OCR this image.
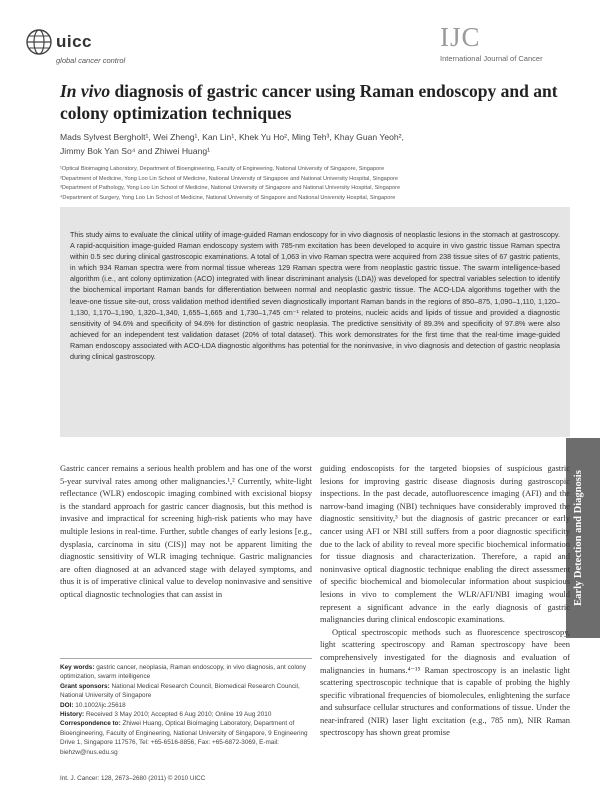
uicc
global cancer control
IJC
International Journal of Cancer
In vivo diagnosis of gastric cancer using Raman endoscopy and ant colony optimization techniques
Mads Sylvest Bergholt¹, Wei Zheng¹, Kan Lin¹, Khek Yu Ho², Ming Teh³, Khay Guan Yeoh²,
Jimmy Bok Yan So⁴ and Zhiwei Huang¹
¹Optical Bioimaging Laboratory, Department of Bioengineering, Faculty of Engineering, National University of Singapore, Singapore
²Department of Medicine, Yong Loo Lin School of Medicine, National University of Singapore and National University Hospital, Singapore
³Department of Pathology, Yong Loo Lin School of Medicine, National University of Singapore and National University Hospital, Singapore
⁴Department of Surgery, Yong Loo Lin School of Medicine, National University of Singapore and National University Hospital, Singapore

This study aims to evaluate the clinical utility of image-guided Raman endoscopy for in vivo diagnosis of neoplastic lesions in the stomach at gastroscopy. A rapid-acquisition image-guided Raman endoscopy system with 785-nm excitation has been developed to acquire in vivo gastric tissue Raman spectra within 0.5 sec during clinical gastroscopic examinations. A total of 1,063 in vivo Raman spectra were acquired from 238 tissue sites of 67 gastric patients, in which 934 Raman spectra were from normal tissue whereas 129 Raman spectra were from neoplastic gastric tissue. The swarm intelligence-based algorithm (i.e., ant colony optimization (ACO) integrated with linear discriminant analysis (LDA)) was developed for spectral variables selection to identify the biochemical important Raman bands for differentiation between normal and neoplastic gastric tissue. The ACO-LDA algorithms together with the leave-one tissue site-out, cross validation method identified seven diagnostically important Raman bands in the regions of 850–875, 1,090–1,110, 1,120–1,130, 1,170–1,190, 1,320–1,340, 1,655–1,665 and 1,730–1,745 cm⁻¹ related to proteins, nucleic acids and lipids of tissue and provided a diagnostic sensitivity of 94.6% and specificity of 94.6% for distinction of gastric neoplasia. The predictive sensitivity of 89.3% and specificity of 97.8% were also achieved for an independent test validation dataset (20% of total dataset). This work demonstrates for the first time that the real-time image-guided Raman endoscopy associated with ACO-LDA diagnostic algorithms has potential for the noninvasive, in vivo diagnosis and detection of gastric neoplasia during clinical gastroscopy.

Early Detection and Diagnosis

Gastric cancer remains a serious health problem and has one of the worst 5-year survival rates among other malignancies.¹,² Currently, white-light reflectance (WLR) endoscopic imaging combined with excisional biopsy is the standard approach for gastric cancer diagnosis, but this method is invasive and impractical for screening high-risk patients who may have multiple lesions in real-time. Further, subtle changes of early lesions [e.g., dysplasia, carcinoma in situ (CIS)] may not be apparent limiting the diagnostic sensitivity of WLR imaging technique. Gastric malignancies are often diagnosed at an advanced stage with delayed symptoms, and thus it is of imperative clinical value to develop noninvasive and sensitive optical diagnostic technologies that can assist in

guiding endoscopists for the targeted biopsies of suspicious gastric lesions for improving gastric disease diagnosis during gastroscopic inspections. In the past decade, autofluorescence imaging (AFI) and the narrow-band imaging (NBI) techniques have considerably improved the diagnostic sensitivity,³ but the diagnosis of gastric precancer or early cancer using AFI or NBI still suffers from a poor diagnostic specificity due to the lack of ability to reveal more specific biochemical information for tissue diagnosis and characterization. Therefore, a rapid and noninvasive optical diagnostic technique enabling the direct assessment of specific biochemical and biomolecular information about suspicious lesions in vivo to complement the WLR/AFI/NBI imaging would represent a significant advance in the early diagnosis of gastric malignancies during clinical endoscopic examinations.

Optical spectroscopic methods such as fluorescence spectroscopy, light scattering spectroscopy and Raman spectroscopy have been comprehensively investigated for the diagnosis and evaluation of malignancies in humans.⁴⁻¹⁵ Raman spectroscopy is an inelastic light scattering spectroscopic technique that is capable of probing the highly specific vibrational frequencies of biomolecules, enlightening the surface and subsurface cellular structures and conformations of tissue. Under the near-infrared (NIR) laser light excitation (e.g., 785 nm), NIR Raman spectroscopy has shown great promise

Key words: gastric cancer, neoplasia, Raman endoscopy, in vivo diagnosis, ant colony optimization, swarm intelligence

Grant sponsors: National Medical Research Council, Biomedical Research Council, National University of Singapore

DOI: 10.1002/ijc.25618

History: Received 3 May 2010; Accepted 6 Aug 2010; Online 19 Aug 2010

Correspondence to: Zhiwei Huang, Optical Bioimaging Laboratory, Department of Bioengineering, Faculty of Engineering, National University of Singapore, 9 Engineering Drive 1, Singapore 117576, Tel: +65-6516-8856, Fax: +65-6872-3069, E-mail: biehzw@nus.edu.sg

Int. J. Cancer: 128, 2673–2680 (2011) © 2010 UICC
